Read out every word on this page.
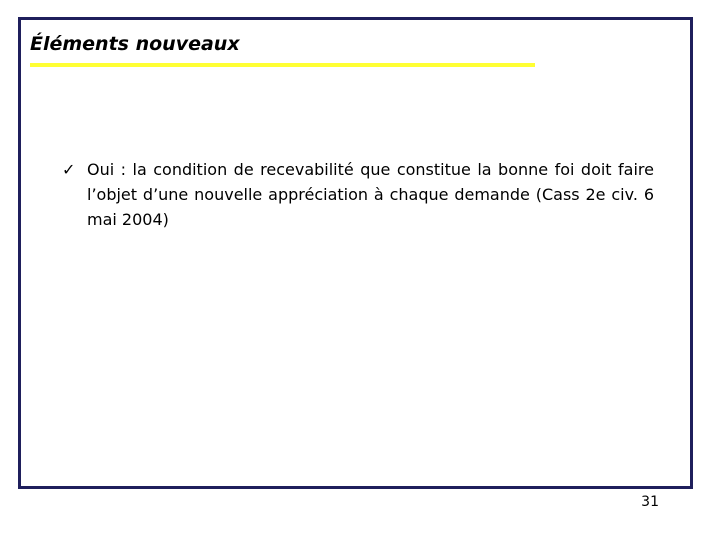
Éléments nouveaux
✓ Oui : la condition de recevabilité que constitue la bonne foi doit faire l’objet d’une nouvelle appréciation à chaque demande (Cass 2e civ. 6 mai 2004)
31
